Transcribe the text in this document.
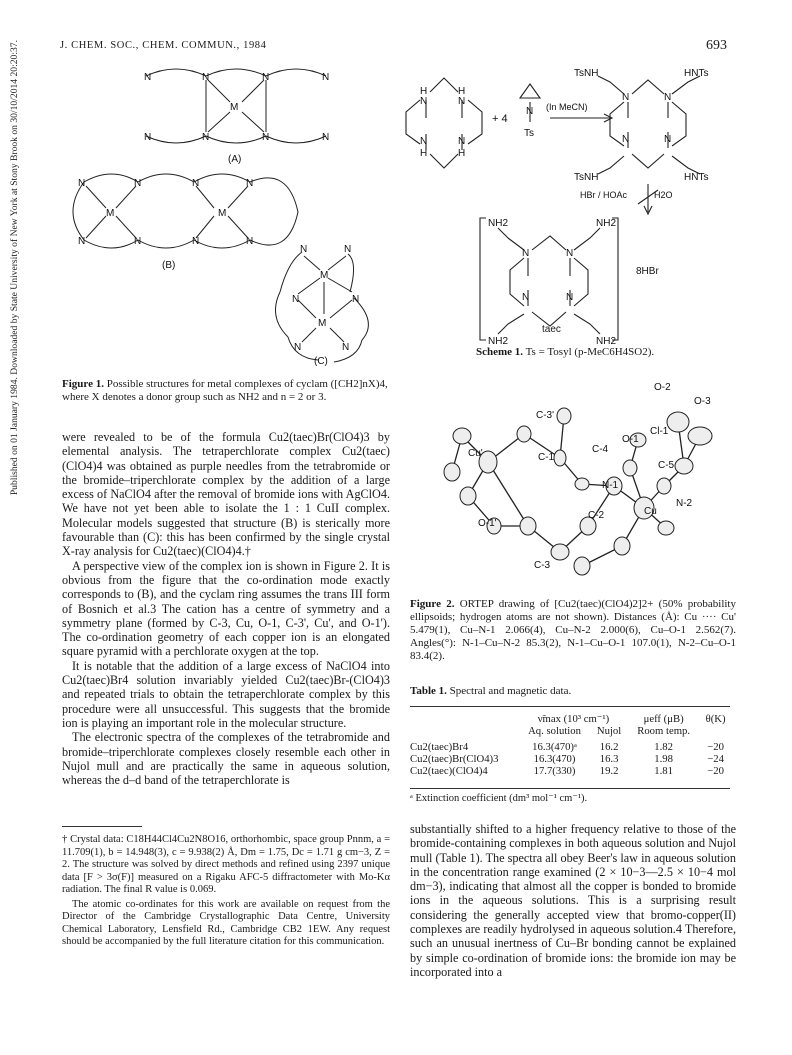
Published on 01 January 1984. Downloaded by State University of New York at Stony Brook on 30/10/2014 20:20:37.	J. CHEM. SOC., CHEM. COMMUN., 1984	693
N	N	N	N
M
N	N	N	N
(A)
N	N	N	N
M	M
N	N	N	N
(B)
N	N
M
N	N
M
N	N
(C)
Figure 1. Possible structures for metal complexes of cyclam ([CH2]nX)4, where X denotes a donor group such as NH2 and n = 2 or 3.

were revealed to be of the formula Cu2(taec)Br(ClO4)3 by elemental analysis. The tetraperchlorate complex Cu2(taec)(ClO4)4 was obtained as purple needles from the tetrabromide or the bromide–triperchlorate complex by the addition of a large excess of NaClO4 after the removal of bromide ions with AgClO4. We have not yet been able to isolate the 1 : 1 CuII complex. Molecular models suggested that structure (B) is sterically more favourable than (C): this has been confirmed by the single crystal X-ray analysis for Cu2(taec)(ClO4)4.†

A perspective view of the complex ion is shown in Figure 2. It is obvious from the figure that the co-ordination mode exactly corresponds to (B), and the cyclam ring assumes the trans III form of Bosnich et al.3 The cation has a centre of symmetry and a symmetry plane (formed by C-3, Cu, O-1, C-3', Cu', and O-1'). The co-ordination geometry of each copper ion is an elongated square pyramid with a perchlorate oxygen at the top.

It is notable that the addition of a large excess of NaClO4 into Cu2(taec)Br4 solution invariably yielded Cu2(taec)Br-(ClO4)3 and repeated trials to obtain the tetraperchlorate complex by this procedure were all unsuccessful. This suggests that the bromide ion is playing an important role in the molecular structure.

The electronic spectra of the complexes of the tetrabromide and bromide–triperchlorate complexes closely resemble each other in Nujol mull and are practically the same in aqueous solution, whereas the d–d band of the tetraperchlorate is

† Crystal data: C18H44Cl4Cu2N8O16, orthorhombic, space group Pnnm, a = 11.709(1), b = 14.948(3), c = 9.938(2) Å, Dm = 1.75, Dc = 1.71 g cm−3, Z = 2. The structure was solved by direct methods and refined using 2397 unique data [F > 3σ(F)] measured on a Rigaku AFC-5 diffractometer with Mo-Kα radiation. The final R value is 0.069.

The atomic co-ordinates for this work are available on request from the Director of the Cambridge Crystallographic Data Centre, University Chemical Laboratory, Lensfield Rd., Cambridge CB2 1EW. Any request should be accompanied by the full literature citation for this communication.

H	H
N	N
N	N
H	H
+ 4
N
Ts
(In MeCN)
TsNH	HNTs
N	N
N	N
TsNH	HNTs
HBr / HOAc	H2O
NH2	NH2
N	N
N	N
8HBr
NH2	NH2
taec
Scheme 1. Ts = Tosyl (p-MeC6H4SO2).
O-2
O-3
Cl-1
C-5
N-2
Cu
C-2
N-1
C-4
O-1
C-1
Cu'
C-3'
O-1'
C-3
Figure 2. ORTEP drawing of [Cu2(taec)(ClO4)2]2+ (50% probability ellipsoids; hydrogen atoms are not shown). Distances (Å): Cu ···· Cu' 5.479(1), Cu–N-1 2.066(4), Cu–N-2 2.000(6), Cu–O-1 2.562(7). Angles(°): N-1–Cu–N-2 85.3(2), N-1–Cu–O-1 107.0(1), N-2–Cu–O-1 83.4(2).
Table 1. Spectral and magnetic data.
	ν̃max (10³ cm⁻¹)		μeff (μB)	θ(K)
	Aq. solution	Nujol	Room temp.	

Cu2(taec)Br4	16.3(470)ᵃ	16.2	1.82	−20
Cu2(taec)Br(ClO4)3	16.3(470)	16.3	1.98	−24
Cu2(taec)(ClO4)4	17.7(330)	19.2	1.81	−20
ᵃ Extinction coefficient (dm³ mol⁻¹ cm⁻¹).

substantially shifted to a higher frequency relative to those of the bromide-containing complexes in both aqueous solution and Nujol mull (Table 1). The spectra all obey Beer's law in aqueous solution in the concentration range examined (2 × 10−3—2.5 × 10−4 mol dm−3), indicating that almost all the copper is bonded to bromide ions in the aqueous solutions. This is a surprising result considering the generally accepted view that bromo-copper(II) complexes are readily hydrolysed in aqueous solution.4 Therefore, such an unusual inertness of Cu–Br bonding cannot be explained by simple co-ordination of bromide ions: the bromide ion may be incorporated into a
